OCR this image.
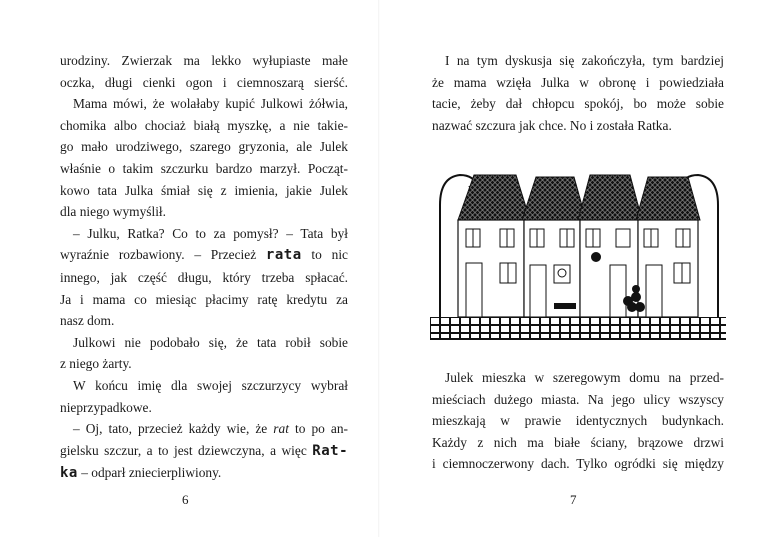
urodziny. Zwierzak ma lekko wyłupiaste małe
oczka, długi cienki ogon i ciemnoszarą sierść.
Mama mówi, że wolałaby kupić Julkowi żółwia,
chomika albo chociaż białą myszkę, a nie takie-
go mało urodziwego, szarego gryzonia, ale Julek
właśnie o takim szczurku bardzo marzył. Począt-
kowo tata Julka śmiał się z imienia, jakie Julek
dla niego wymyślił.
– Julku, Ratka? Co to za pomysł? – Tata był
wyraźnie rozbawiony. – Przecież rata to nic
innego, jak część długu, który trzeba spłacać.
Ja i mama co miesiąc płacimy ratę kredytu za
nasz dom.
Julkowi nie podobało się, że tata robił sobie
z niego żarty.
W końcu imię dla swojej szczurzycy wybrał
nieprzypadkowe.
– Oj, tato, przecież każdy wie, że rat to po an-
gielsku szczur, a to jest dziewczyna, a więc Rat-
ka – odparł zniecierpliwiony.
6
I na tym dyskusja się zakończyła, tym bardziej
że mama wzięła Julka w obronę i powiedziała
tacie, żeby dał chłopcu spokój, bo może sobie
nazwać szczura jak chce. No i została Ratka.
Julek mieszka w szeregowym domu na przed-
mieściach dużego miasta. Na jego ulicy wszyscy
mieszkają w prawie identycznych budynkach.
Każdy z nich ma białe ściany, brązowe drzwi
i ciemnoczerwony dach. Tylko ogródki się między
7
